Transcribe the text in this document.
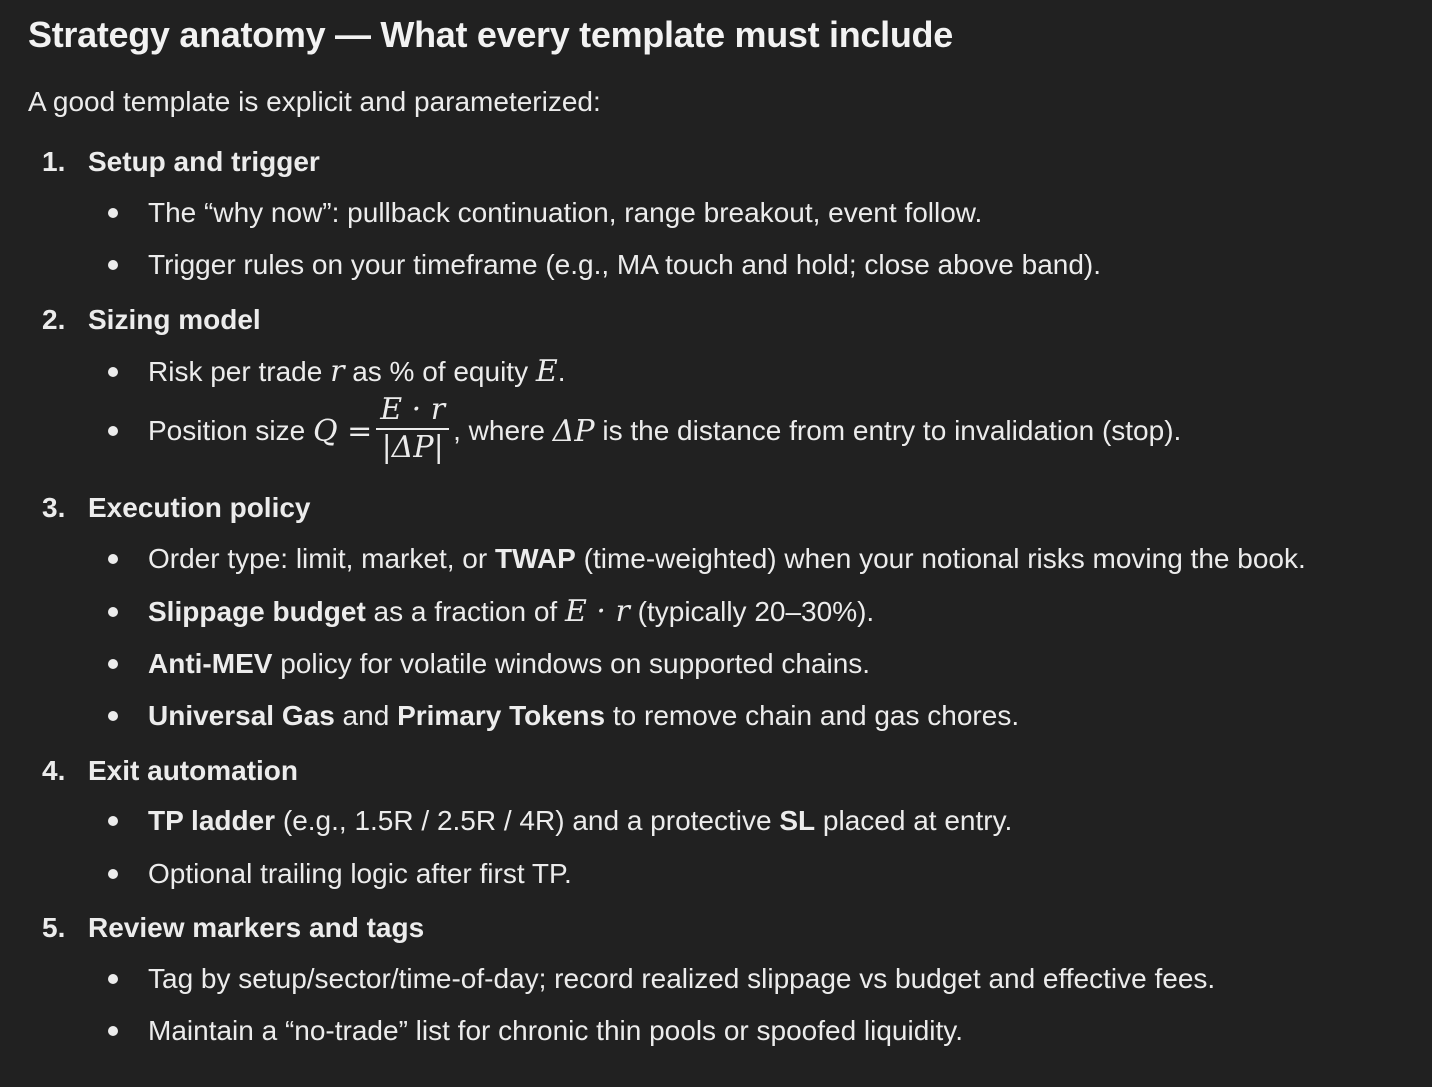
Strategy anatomy — What every template must include

A good template is explicit and parameterized:

1. Setup and trigger
The “why now”: pullback continuation, range breakout, event follow.
Trigger rules on your timeframe (e.g., MA touch and hold; close above band).
2. Sizing model
Risk per trade r as % of equity E .
Position size $Q = \frac{E \cdot r}{|\Delta P|}$ , where ΔP is the distance from entry to invalidation (stop).
3. Execution policy
Order type: limit, market, or TWAP (time-weighted) when your notional risks moving the book.
Slippage budget as a fraction of E · r (typically 20–30%).
Anti-MEV policy for volatile windows on supported chains.
Universal Gas and Primary Tokens to remove chain and gas chores.
4. Exit automation
TP ladder (e.g., 1.5R / 2.5R / 4R) and a protective SL placed at entry.
Optional trailing logic after first TP.
5. Review markers and tags
Tag by setup/sector/time-of-day; record realized slippage vs budget and effective fees.
Maintain a “no-trade” list for chronic thin pools or spoofed liquidity.
